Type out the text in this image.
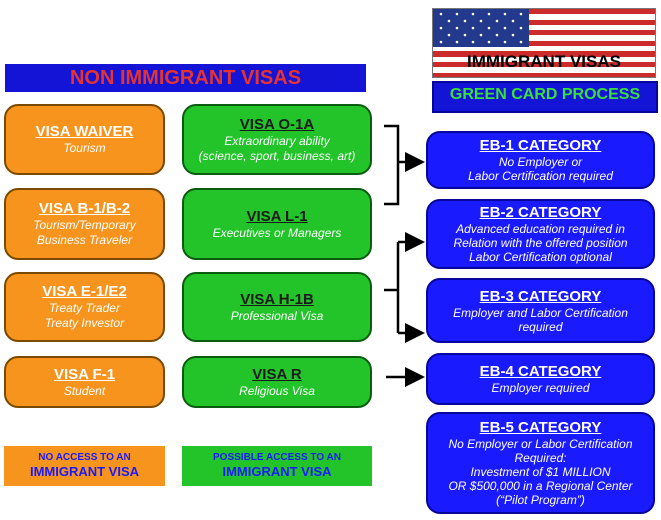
NON IMMIGRANT VISAS
IMMIGRANT VISAS
GREEN CARD PROCESS
VISA WAIVER
Tourism
VISA B-1/B-2
Tourism/Temporary
Business Traveler
VISA E-1/E2
Treaty Trader
Treaty Investor
VISA F-1
Student
VISA O-1A
Extraordinary ability
(science, sport, business, art)
VISA L-1
Executives or Managers
VISA H-1B
Professional Visa
VISA R
Religious Visa
EB-1 CATEGORY
No Employer or
Labor Certification required
EB-2 CATEGORY
Advanced education required in
Relation with the offered position
Labor Certification optional
EB-3 CATEGORY
Employer and Labor Certification
required
EB-4 CATEGORY
Employer required
EB-5 CATEGORY
No Employer or Labor Certification
Required:
Investment of $1 MILLION
OR $500,000 in a Regional Center
(“Pilot Program”)
NO ACCESS TO AN
IMMIGRANT VISA
POSSIBLE ACCESS TO AN
IMMIGRANT VISA
